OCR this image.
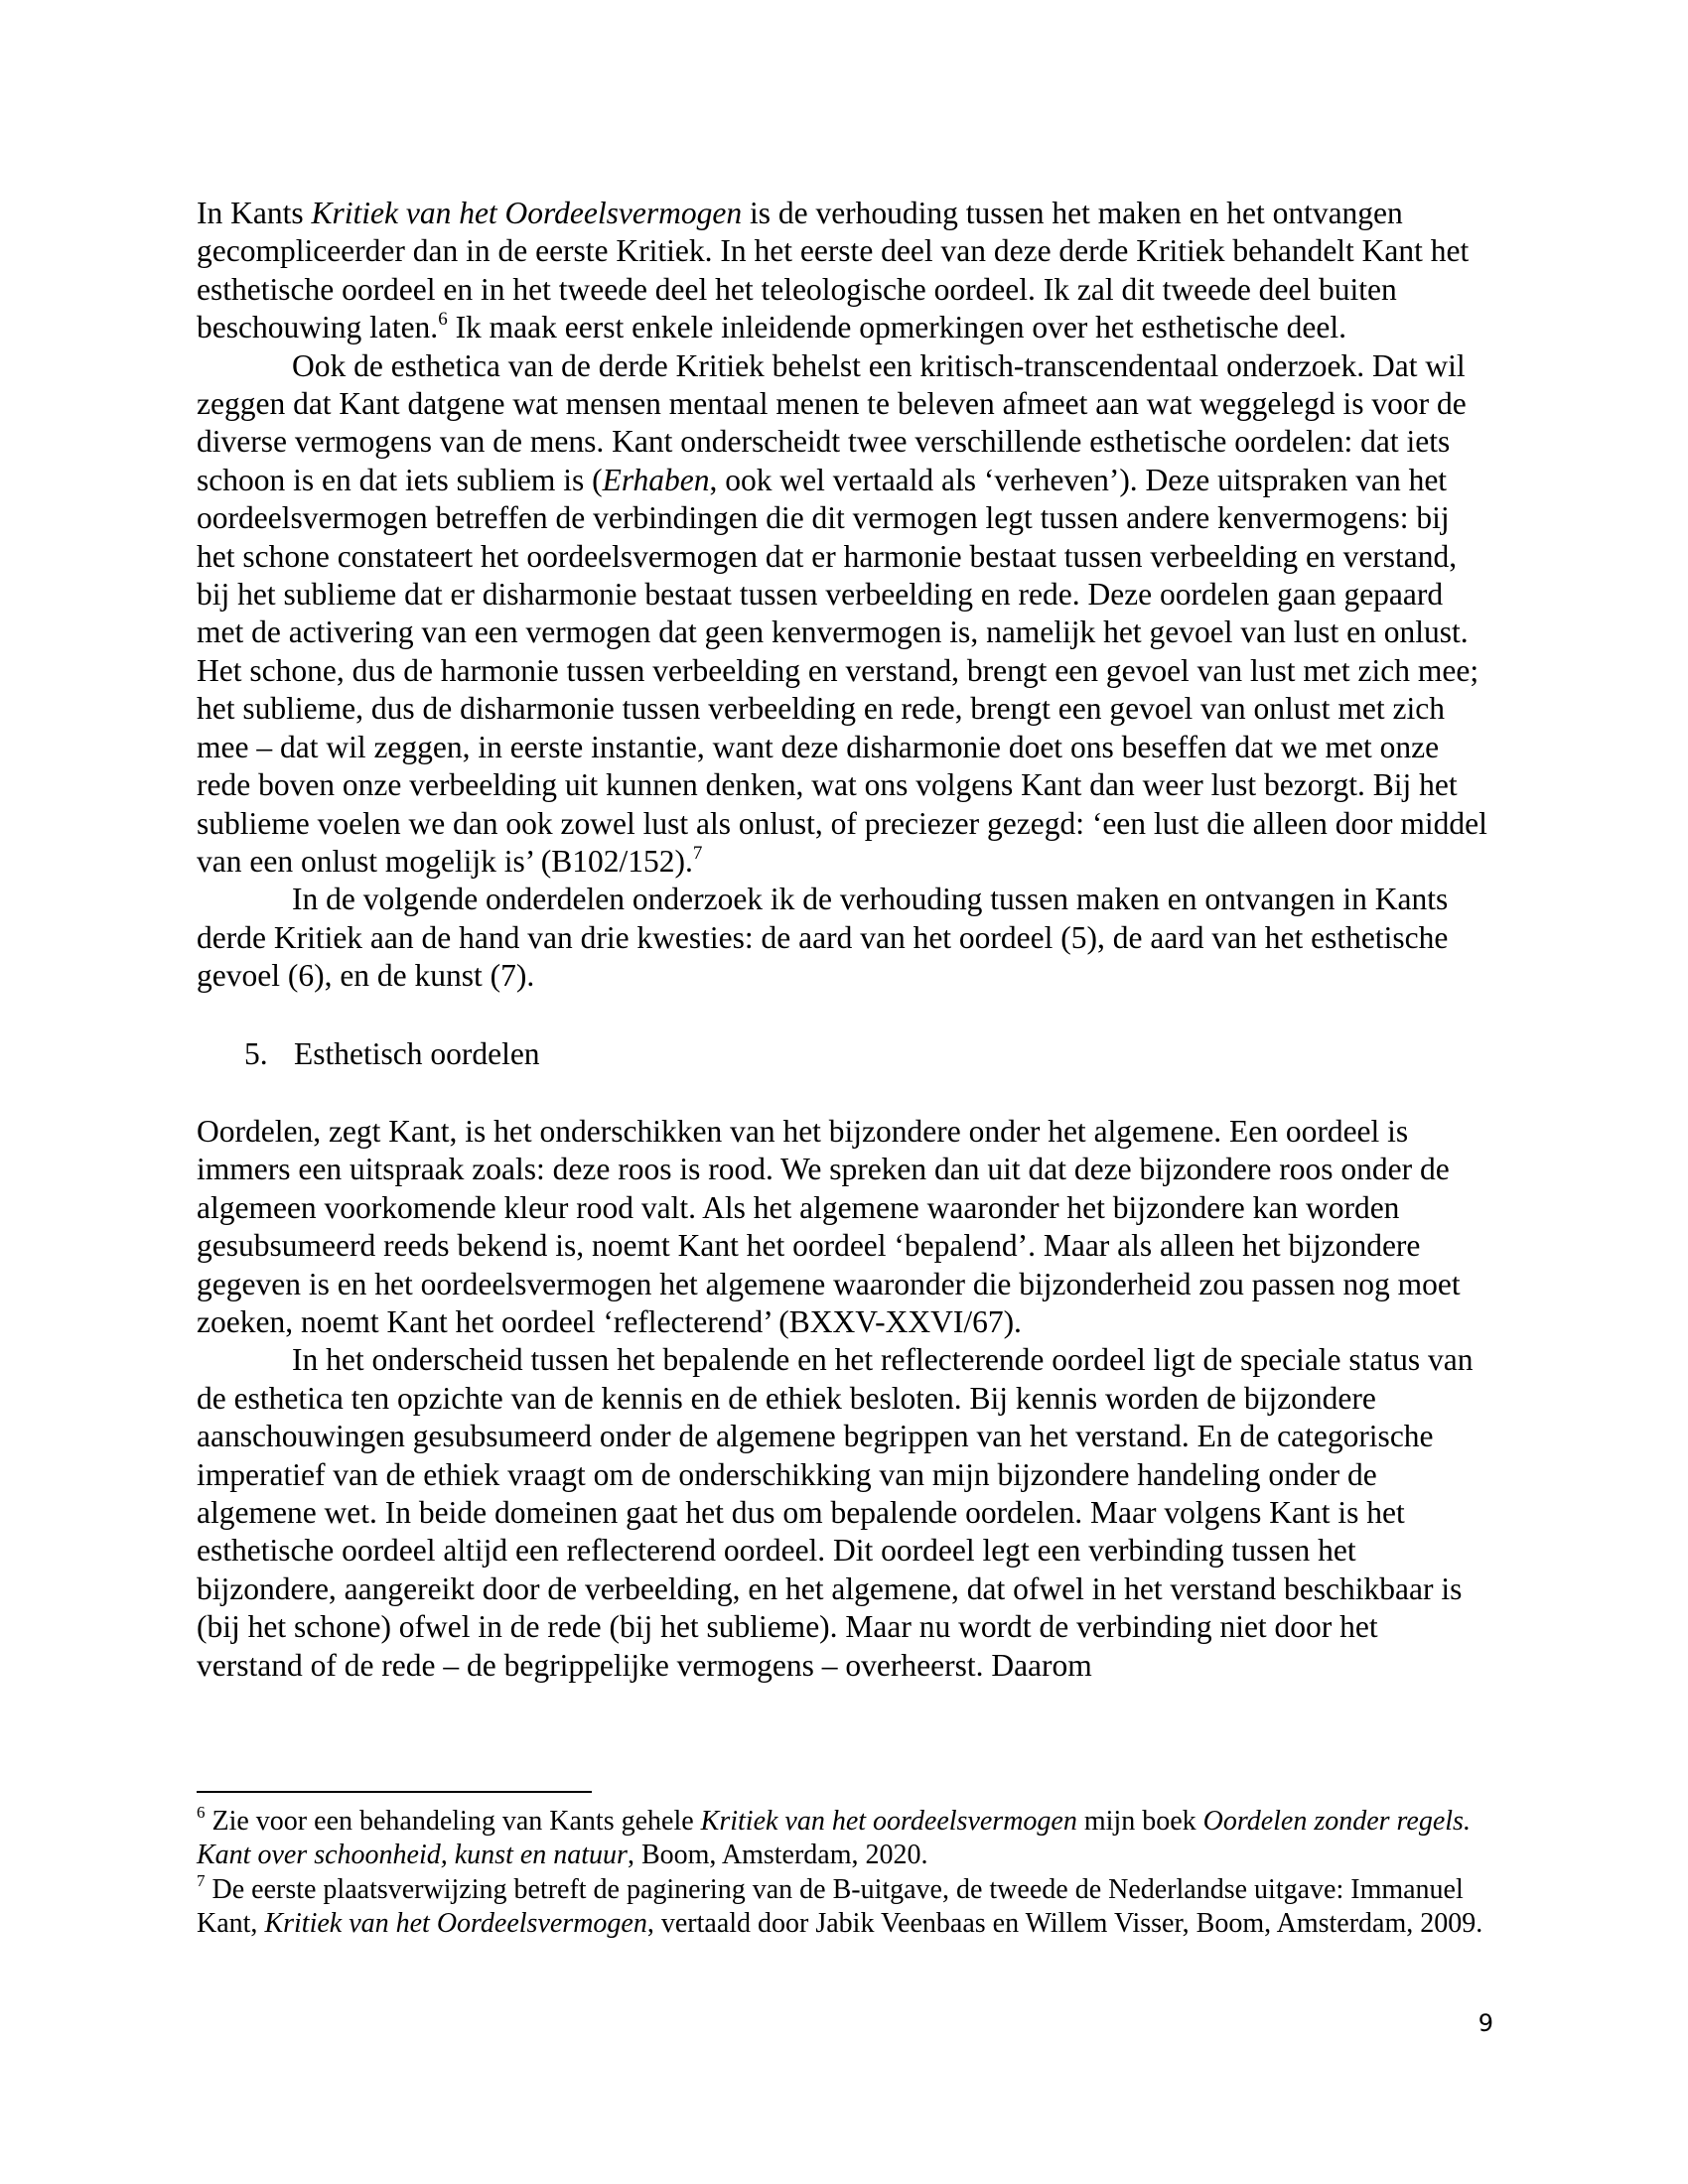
In Kants Kritiek van het Oordeelsvermogen is de verhouding tussen het maken en het ontvangen gecompliceerder dan in de eerste Kritiek. In het eerste deel van deze derde Kritiek behandelt Kant het esthetische oordeel en in het tweede deel het teleologische oordeel. Ik zal dit tweede deel buiten beschouwing laten.$^6$ Ik maak eerst enkele inleidende opmerkingen over het esthetische deel.

Ook de esthetica van de derde Kritiek behelst een kritisch-transcendentaal onderzoek. Dat wil zeggen dat Kant datgene wat mensen mentaal menen te beleven afmeet aan wat weggelegd is voor de diverse vermogens van de mens. Kant onderscheidt twee verschillende esthetische oordelen: dat iets schoon is en dat iets subliem is (Erhaben, ook wel vertaald als ‘verheven’). Deze uitspraken van het oordeelsvermogen betreffen de verbindingen die dit vermogen legt tussen andere kenvermogens: bij het schone constateert het oordeelsvermogen dat er harmonie bestaat tussen verbeelding en verstand, bij het sublieme dat er disharmonie bestaat tussen verbeelding en rede. Deze oordelen gaan gepaard met de activering van een vermogen dat geen kenvermogen is, namelijk het gevoel van lust en onlust. Het schone, dus de harmonie tussen verbeelding en verstand, brengt een gevoel van lust met zich mee; het sublieme, dus de disharmonie tussen verbeelding en rede, brengt een gevoel van onlust met zich mee – dat wil zeggen, in eerste instantie, want deze disharmonie doet ons beseffen dat we met onze rede boven onze verbeelding uit kunnen denken, wat ons volgens Kant dan weer lust bezorgt. Bij het sublieme voelen we dan ook zowel lust als onlust, of preciezer gezegd: ‘een lust die alleen door middel van een onlust mogelijk is’ (B102/152).$^7$

In de volgende onderdelen onderzoek ik de verhouding tussen maken en ontvangen in Kants derde Kritiek aan de hand van drie kwesties: de aard van het oordeel (5), de aard van het esthetische gevoel (6), en de kunst (7).

5. Esthetisch oordelen

Oordelen, zegt Kant, is het onderschikken van het bijzondere onder het algemene. Een oordeel is immers een uitspraak zoals: deze roos is rood. We spreken dan uit dat deze bijzondere roos onder de algemeen voorkomende kleur rood valt. Als het algemene waaronder het bijzondere kan worden gesubsumeerd reeds bekend is, noemt Kant het oordeel ‘bepalend’. Maar als alleen het bijzondere gegeven is en het oordeelsvermogen het algemene waaronder die bijzonderheid zou passen nog moet zoeken, noemt Kant het oordeel ‘reflecterend’ (BXXV-XXVI/67).

In het onderscheid tussen het bepalende en het reflecterende oordeel ligt de speciale status van de esthetica ten opzichte van de kennis en de ethiek besloten. Bij kennis worden de bijzondere aanschouwingen gesubsumeerd onder de algemene begrippen van het verstand. En de categorische imperatief van de ethiek vraagt om de onderschikking van mijn bijzondere handeling onder de algemene wet. In beide domeinen gaat het dus om bepalende oordelen. Maar volgens Kant is het esthetische oordeel altijd een reflecterend oordeel. Dit oordeel legt een verbinding tussen het bijzondere, aangereikt door de verbeelding, en het algemene, dat ofwel in het verstand beschikbaar is (bij het schone) ofwel in de rede (bij het sublieme). Maar nu wordt de verbinding niet door het verstand of de rede – de begrippelijke vermogens – overheerst. Daarom

$^6$ Zie voor een behandeling van Kants gehele Kritiek van het oordeelsvermogen mijn boek Oordelen zonder regels. Kant over schoonheid, kunst en natuur, Boom, Amsterdam, 2020.

$^7$ De eerste plaatsverwijzing betreft de paginering van de B-uitgave, de tweede de Nederlandse uitgave: Immanuel Kant, Kritiek van het Oordeelsvermogen, vertaald door Jabik Veenbaas en Willem Visser, Boom, Amsterdam, 2009.

9
